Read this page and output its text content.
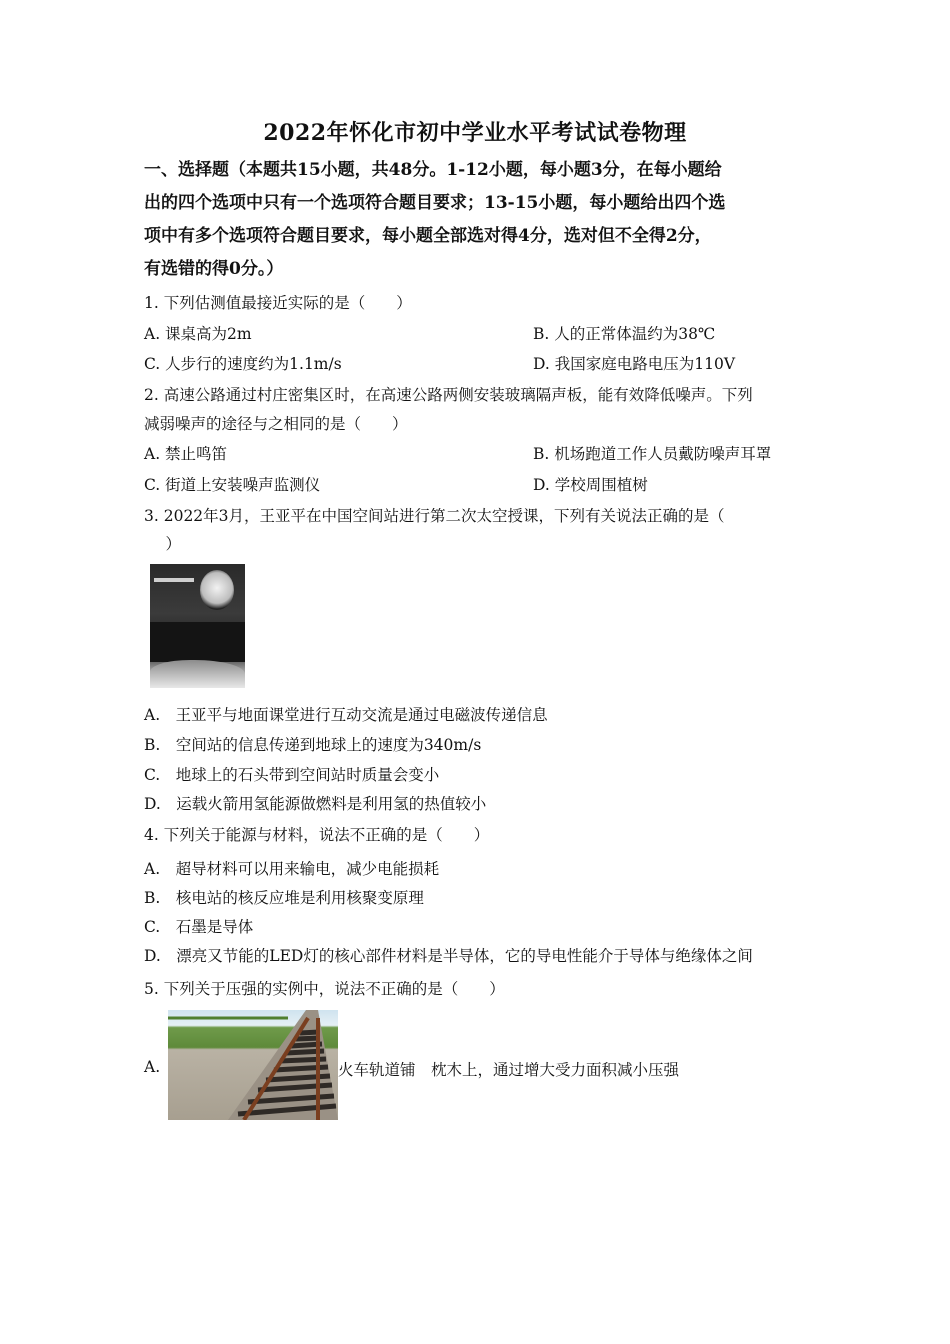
2022年怀化市初中学业水平考试试卷物理
一、选择题（本题共15小题，共48分。1-12小题，每小题3分，在每小题给
出的四个选项中只有一个选项符合题目要求；13-15小题，每小题给出四个选
项中有多个选项符合题目要求，每小题全部选对得4分，选对但不全得2分，
有选错的得0分。）
1. 下列估测值最接近实际的是（　　）
A. 课桌高为2m	B. 人的正常体温约为38℃
C. 人步行的速度约为1.1m/s	D. 我国家庭电路电压为110V
2. 高速公路通过村庄密集区时，在高速公路两侧安装玻璃隔声板，能有效降低噪声。下列
减弱噪声的途径与之相同的是（　　）
A. 禁止鸣笛	B. 机场跑道工作人员戴防噪声耳罩
C. 街道上安装噪声监测仪	D. 学校周围植树
3. 2022年3月，王亚平在中国空间站进行第二次太空授课，下列有关说法正确的是（
　）
A.　王亚平与地面课堂进行互动交流是通过电磁波传递信息
B.　空间站的信息传递到地球上的速度为340m/s
C.　地球上的石头带到空间站时质量会变小
D.　运载火箭用氢能源做燃料是利用氢的热值较小
4. 下列关于能源与材料，说法不正确的是（　　）
A.　超导材料可以用来输电，减少电能损耗
B.　核电站的核反应堆是利用核聚变原理
C.　石墨是导体
D.　漂亮又节能的LED灯的核心部件材料是半导体，它的导电性能介于导体与绝缘体之间
5. 下列关于压强的实例中，说法不正确的是（　　）
A.	火车轨道铺　枕木上，通过增大受力面积减小压强
